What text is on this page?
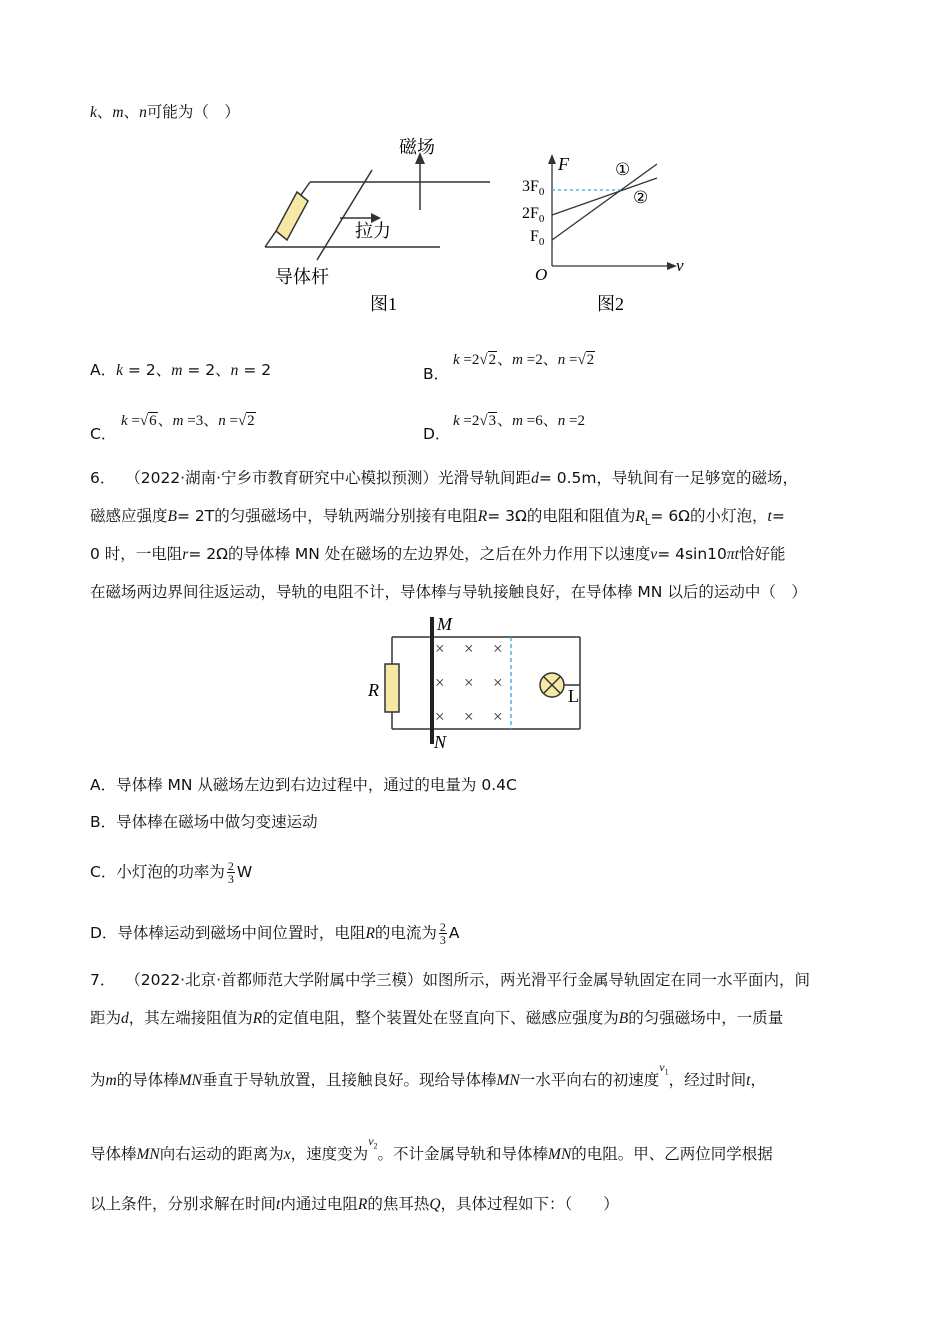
k、m、n可能为（　）
磁场
拉力
导体杆
图1
F
v
O
$3F_0$
$2F_0$
$F_0$
①
②
图2
A．k = 2、m = 2、n = 2	B．
k =2√2、m =2、n =√2
C．
k =√6、m =3、n =√2
D．
k =2√3、m =6、n =2
6． （2022·湖南·宁乡市教育研究中心模拟预测）光滑导轨间距d= 0.5m，导轨间有一足够宽的磁场，
磁感应强度B= 2T的匀强磁场中，导轨两端分别接有电阻R= 3Ω的电阻和阻值为$R_L= 6\Omega$的小灯泡，t=
0 时，一电阻r= 2Ω的导体棒 MN 处在磁场的左边界处，之后在外力作用下以速度v= 4sin10πt恰好能
在磁场两边界间往返运动，导轨的电阻不计，导体棒与导轨接触良好，在导体棒 MN 以后的运动中（　）
× × ×
× × ×
× × ×
M
N
R	L
A．导体棒 MN 从磁场左边到右边过程中，通过的电量为 0.4C
B．导体棒在磁场中做匀变速运动
C．小灯泡的功率为 $\frac{2}{3}$ W
D．导体棒运动到磁场中间位置时，电阻R的电流为 $\frac{2}{3}$ A
7． （2022·北京·首都师范大学附属中学三模）如图所示，两光滑平行金属导轨固定在同一水平面内，间
距为d，其左端接阻值为R的定值电阻，整个装置处在竖直向下、磁感应强度为B的匀强磁场中，一质量
为m的导体棒MN垂直于导轨放置，且接触良好。现给导体棒MN一水平向右的初速度$^{v_1}$，经过时间t，
导体棒MN向右运动的距离为x，速度变为$^{v_2}$。不计金属导轨和导体棒MN的电阻。甲、乙两位同学根据
以上条件，分别求解在时间t内通过电阻R的焦耳热Q，具体过程如下：（　　）
